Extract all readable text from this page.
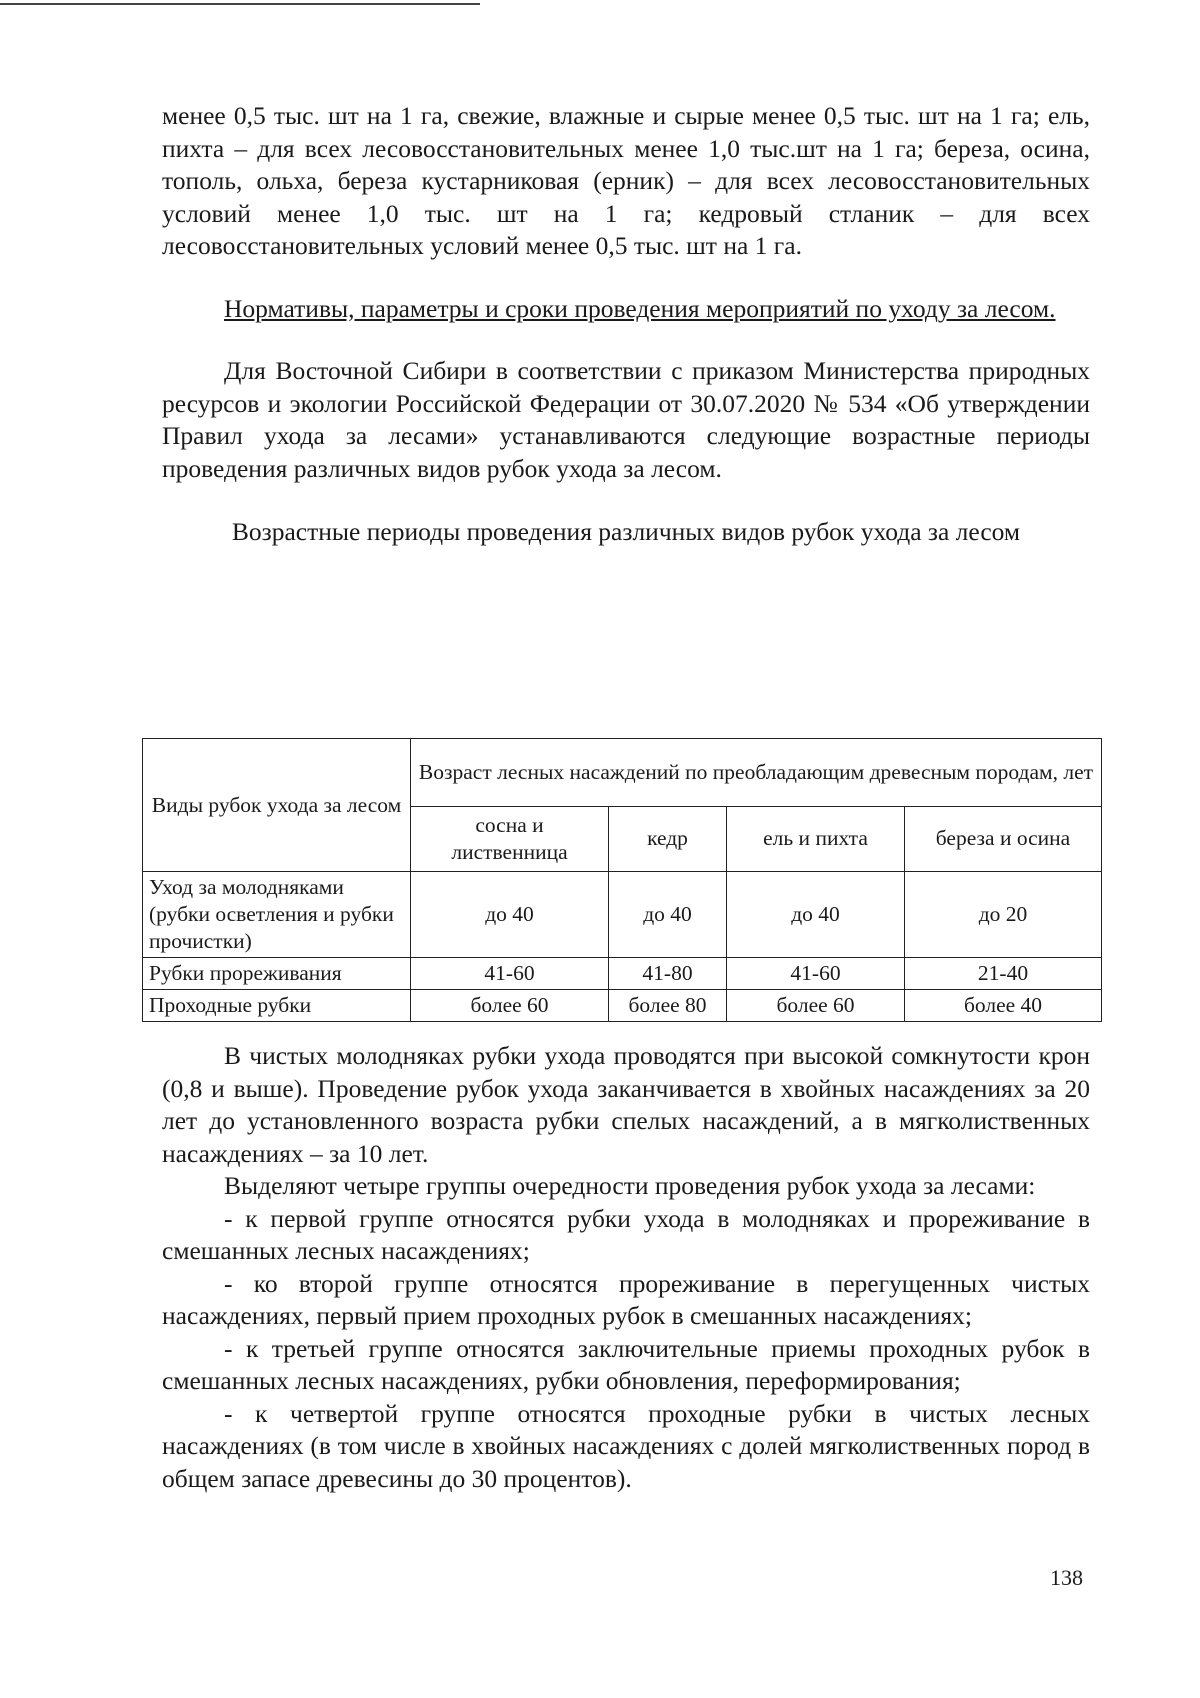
менее 0,5 тыс. шт на 1 га, свежие, влажные и сырые менее 0,5 тыс. шт на 1 га; ель, пихта – для всех лесовосстановительных менее 1,0 тыс.шт на 1 га; береза, осина, тополь, ольха, береза кустарниковая (ерник) – для всех лесовосстановительных условий менее 1,0 тыс. шт на 1 га; кедровый стланик – для всех лесовосстановительных условий менее 0,5 тыс. шт на 1 га.

Нормативы, параметры и сроки проведения мероприятий по уходу за лесом.

Для Восточной Сибири в соответствии с приказом Министерства природных ресурсов и экологии Российской Федерации от 30.07.2020 № 534 «Об утверждении Правил ухода за лесами» устанавливаются следующие возрастные периоды проведения различных видов рубок ухода за лесом.

Возрастные периоды проведения различных видов рубок ухода за лесом

Виды рубок ухода за лесом	Возраст лесных насаждений по преобладающим древесным породам, лет			
	сосна и лиственница	кедр	ель и пихта	береза и осина
Уход за молодняками (рубки осветления и рубки прочистки)	до 40	до 40	до 40	до 20
Рубки прореживания	41-60	41-80	41-60	21-40
Проходные рубки	более 60	более 80	более 60	более 40

В чистых молодняках рубки ухода проводятся при высокой сомкнутости крон (0,8 и выше). Проведение рубок ухода заканчивается в хвойных насаждениях за 20 лет до установленного возраста рубки спелых насаждений, а в мягколиственных насаждениях – за 10 лет.

Выделяют четыре группы очередности проведения рубок ухода за лесами:

- к первой группе относятся рубки ухода в молодняках и прореживание в смешанных лесных насаждениях;

- ко второй группе относятся прореживание в перегущенных чистых насаждениях, первый прием проходных рубок в смешанных насаждениях;

- к третьей группе относятся заключительные приемы проходных рубок в смешанных лесных насаждениях, рубки обновления, переформирования;

- к четвертой группе относятся проходные рубки в чистых лесных насаждениях (в том числе в хвойных насаждениях с долей мягколиственных пород в общем запасе древесины до 30 процентов).

138
